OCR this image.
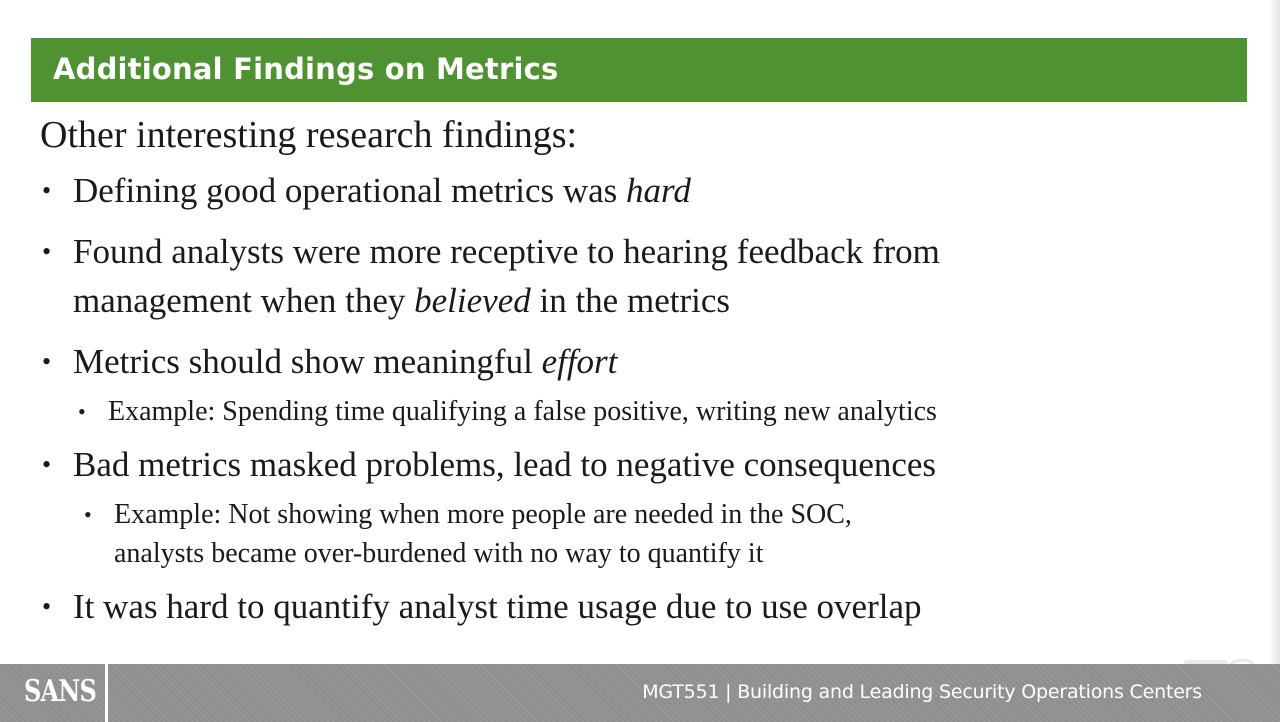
Additional Findings on Metrics

Other interesting research findings:

• Defining good operational metrics was hard
• Found analysts were more receptive to hearing feedback from
management when they believed in the metrics
• Metrics should show meaningful effort
• Example: Spending time qualifying a false positive, writing new analytics
• Bad metrics masked problems, lead to negative consequences
• Example: Not showing when more people are needed in the SOC,
analysts became over-burdened with no way to quantify it
• It was hard to quantify analyst time usage due to use overlap
SANS	MGT551 | Building and Leading Security Operations Centers
